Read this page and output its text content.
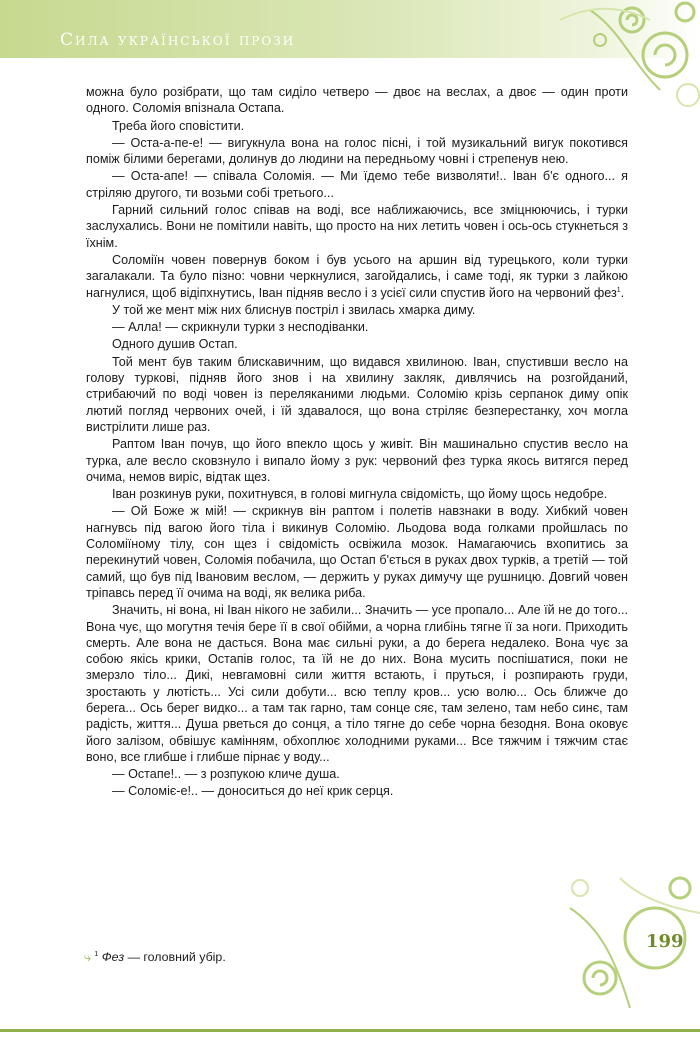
Сила української прози

можна було розібрати, що там сиділо четверо — двоє на веслах, а двоє — один проти одного. Соломія впізнала Остапа.

Треба його сповістити.

— Оста-а-пе-е! — вигукнула вона на голос пісні, і той музикальний вигук покотився поміж білими берегами, долинув до людини на передньому човні і стрепенув нею.

— Оста-апе! — співала Соломія. — Ми їдемо тебе визволяти!.. Іван б'є одного... я стріляю другого, ти возьми собі третього...

Гарний сильний голос співав на воді, все наближаючись, все зміцнюючись, і турки заслухались. Вони не помітили навіть, що просто на них летить човен і ось-ось стукнеться з їхнім.

Соломіїн човен повернув боком і був усього на аршин від турецького, коли турки загалакали. Та було пізно: човни черкнулися, загойдались, і саме тоді, як турки з лайкою нагнулися, щоб відіпхнутись, Іван підняв весло і з усієї сили спустив його на червоний фез$^1$.

У той же мент між них блиснув постріл і звилась хмарка диму.

— Алла! — скрикнули турки з несподіванки.

Одного душив Остап.

Той мент був таким блискавичним, що видався хвилиною. Іван, спустивши весло на голову туркові, підняв його знов і на хвилину закляк, дивлячись на розгойданий, стрибаючий по воді човен із переляканими людьми. Соломію крізь серпанок диму опік лютий погляд червоних очей, і їй здавалося, що вона стріляє безперестанку, хоч могла вистрілити лише раз.

Раптом Іван почув, що його впекло щось у живіт. Він машинально спустив весло на турка, але весло сковзнуло і випало йому з рук: червоний фез турка якось витягся перед очима, немов виріс, відтак щез.

Іван розкинув руки, похитнувся, в голові мигнула свідомість, що йому щось недобре.

— Ой Боже ж мій! — скрикнув він раптом і полетів навзнаки в воду. Хибкий човен нагнувсь під вагою його тіла і викинув Соломію. Льодова вода голками пройшлась по Соломіїному тілу, сон щез і свідомість освіжила мозок. Намагаючись вхопитись за перекинутий човен, Соломія побачила, що Остап б'ється в руках двох турків, а третій — той самий, що був під Івановим веслом, — держить у руках димучу ще рушницю. Довгий човен тріпавсь перед її очима на воді, як велика риба.

Значить, ні вона, ні Іван нікого не забили... Значить — усе пропало... Але їй не до того... Вона чує, що могутня течія бере її в свої обійми, а чорна глибінь тягне її за ноги. Приходить смерть. Але вона не дасться. Вона має сильні руки, а до берега недалеко. Вона чує за собою якісь крики, Остапів голос, та їй не до них. Вона мусить поспішатися, поки не змерзло тіло... Дикі, невгамовні сили життя встають, і пруться, і розпирають груди, зростають у лютість... Усі сили добути... всю теплу кров... усю волю... Ось ближче до берега... Ось берег видко... а там так гарно, там сонце сяє, там зелено, там небо синє, там радість, життя... Душа рветься до сонця, а тіло тягне до себе чорна безодня. Вона оковує його залізом, обвішує камінням, обхоплює холодними руками... Все тяжчим і тяжчим стає воно, все глибше і глибше пірнає у воду...

— Остапе!.. — з розпукою кличе душа.

— Соломіє-е!.. — доноситься до неї крик серця.

⤷ $^1$ Фез — головний убір.
199
